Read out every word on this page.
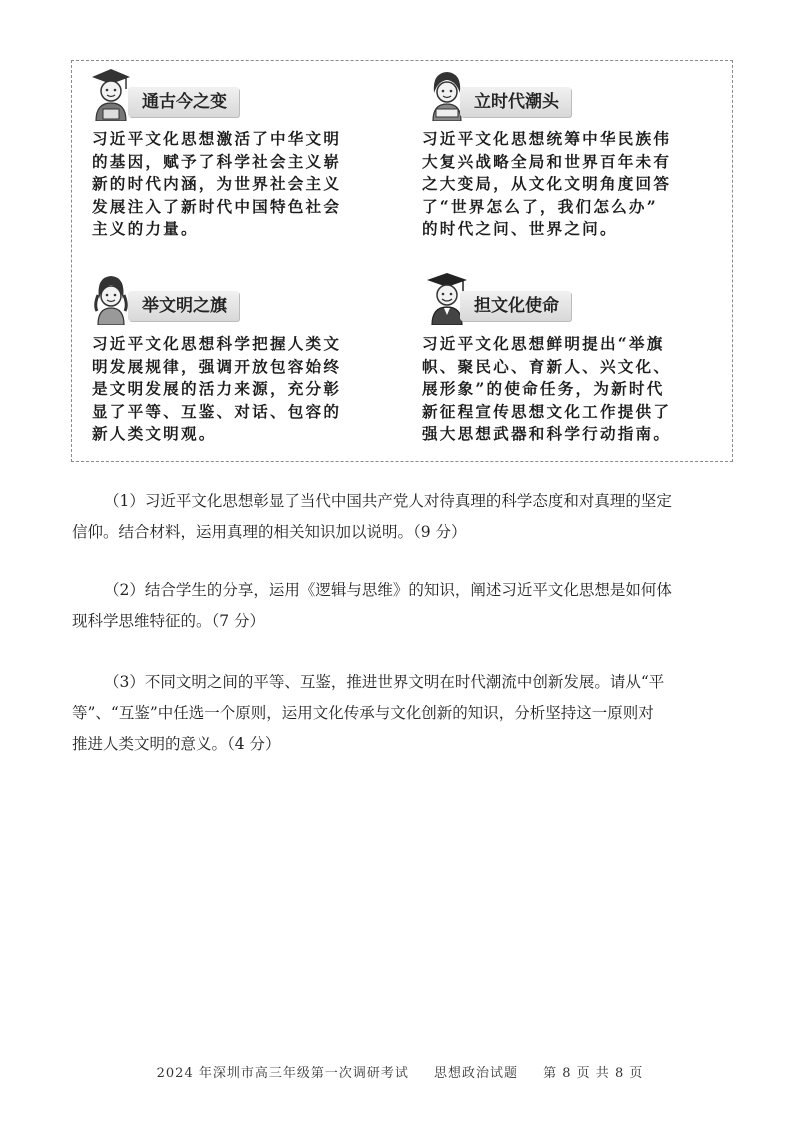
通古今之变

习近平文化思想激活了中华文明

的基因，赋予了科学社会主义崭

新的时代内涵，为世界社会主义

发展注入了新时代中国特色社会

主义的力量。

立时代潮头

习近平文化思想统筹中华民族伟

大复兴战略全局和世界百年未有

之大变局，从文化文明角度回答

了“世界怎么了，我们怎么办”

的时代之问、世界之问。

举文明之旗

习近平文化思想科学把握人类文

明发展规律，强调开放包容始终

是文明发展的活力来源，充分彰

显了平等、互鉴、对话、包容的

新人类文明观。

担文化使命

习近平文化思想鲜明提出“举旗

帜、聚民心、育新人、兴文化、

展形象”的使命任务，为新时代

新征程宣传思想文化工作提供了

强大思想武器和科学行动指南。

（1）习近平文化思想彰显了当代中国共产党人对待真理的科学态度和对真理的坚定

信仰。结合材料，运用真理的相关知识加以说明。（9 分）

（2）结合学生的分享，运用《逻辑与思维》的知识，阐述习近平文化思想是如何体

现科学思维特征的。（7 分）

（3）不同文明之间的平等、互鉴，推进世界文明在时代潮流中创新发展。请从“平

等”、“互鉴”中任选一个原则，运用文化传承与文化创新的知识，分析坚持这一原则对

推进人类文明的意义。（4 分）

2024 年深圳市高三年级第一次调研考试 思想政治试题 第 8 页 共 8 页
